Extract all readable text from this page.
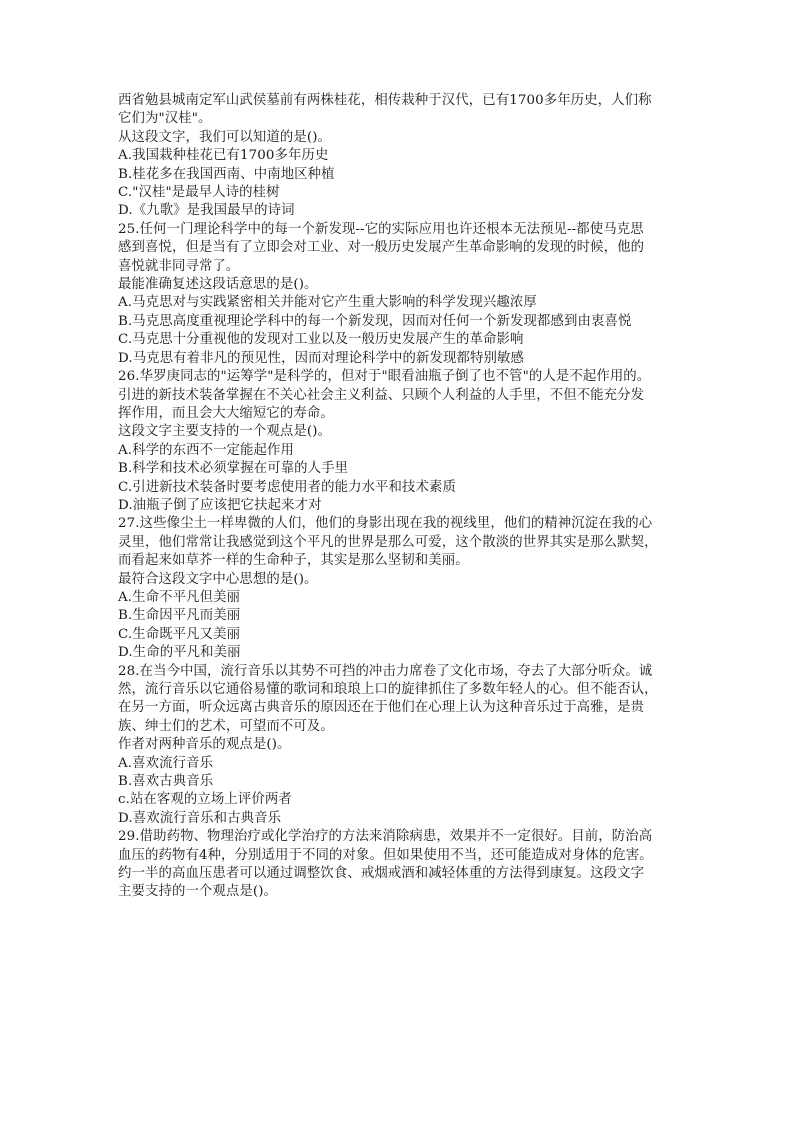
西省勉县城南定军山武侯墓前有两株桂花，相传栽种于汉代，已有1700多年历史，人们称
它们为"汉桂"。
从这段文字，我们可以知道的是()。
A.我国栽种桂花已有1700多年历史
B.桂花多在我国西南、中南地区种植
C."汉桂"是最早人诗的桂树
D.《九歌》是我国最早的诗词
25.任何一门理论科学中的每一个新发现--它的实际应用也许还根本无法预见--都使马克思
感到喜悦，但是当有了立即会对工业、对一般历史发展产生革命影响的发现的时候，他的
喜悦就非同寻常了。
最能准确复述这段话意思的是()。
A.马克思对与实践紧密相关并能对它产生重大影响的科学发现兴趣浓厚
B.马克思高度重视理论学科中的每一个新发现，因而对任何一个新发现都感到由衷喜悦
C.马克思十分重视他的发现对工业以及一般历史发展产生的革命影响
D.马克思有着非凡的预见性，因而对理论科学中的新发现都特别敏感
26.华罗庚同志的"运筹学"是科学的，但对于"眼看油瓶子倒了也不管"的人是不起作用的。
引进的新技术装备掌握在不关心社会主义利益、只顾个人利益的人手里，不但不能充分发
挥作用，而且会大大缩短它的寿命。
这段文字主要支持的一个观点是()。
A.科学的东西不一定能起作用
B.科学和技术必须掌握在可靠的人手里
C.引进新技术装备时要考虑使用者的能力水平和技术素质
D.油瓶子倒了应该把它扶起来才对
27.这些像尘土一样卑微的人们，他们的身影出现在我的视线里，他们的精神沉淀在我的心
灵里，他们常常让我感觉到这个平凡的世界是那么可爱，这个散淡的世界其实是那么默契，
而看起来如草芥一样的生命种子，其实是那么坚韧和美丽。
最符合这段文字中心思想的是()。
A.生命不平凡但美丽
B.生命因平凡而美丽
C.生命既平凡又美丽
D.生命的平凡和美丽
28.在当今中国，流行音乐以其势不可挡的冲击力席卷了文化市场，夺去了大部分听众。诚
然，流行音乐以它通俗易懂的歌词和琅琅上口的旋律抓住了多数年轻人的心。但不能否认，
在另一方面，听众远离古典音乐的原因还在于他们在心理上认为这种音乐过于高雅，是贵
族、绅士们的艺术，可望而不可及。
作者对两种音乐的观点是()。
A.喜欢流行音乐
B.喜欢古典音乐
c.站在客观的立场上评价两者
D.喜欢流行音乐和古典音乐
29.借助药物、物理治疗或化学治疗的方法来消除病患，效果并不一定很好。目前，防治高
血压的药物有4种，分别适用于不同的对象。但如果使用不当，还可能造成对身体的危害。
约一半的高血压患者可以通过调整饮食、戒烟戒酒和减轻体重的方法得到康复。这段文字
主要支持的一个观点是()。
